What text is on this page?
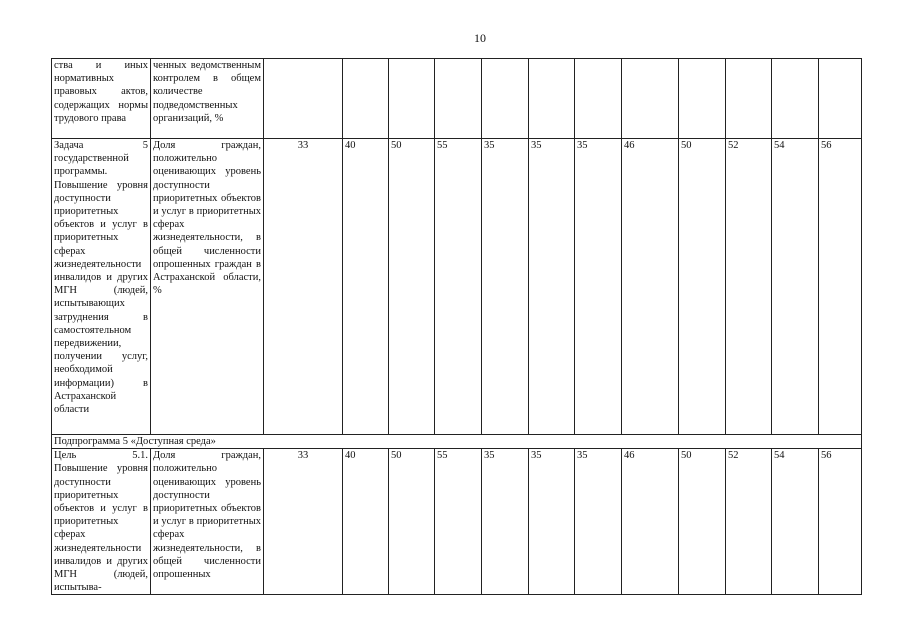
10
ства и иных нормативных правовых актов, содержащих нормы трудового права	ченных ведомственным контролем в общем количестве подведомственных организаций, %												
Задача 5 государственной программы. Повышение уровня доступности приоритетных объектов и услуг в приоритетных сферах жизнедеятельности инвалидов и других МГН (людей, испытывающих затруднения в самостоятельном передвижении, получении услуг, необходимой информации) в Астраханской области	Доля граждан, положительно оценивающих уровень доступности приоритетных объектов и услуг в приоритетных сферах жизнедеятельности, в общей численности опрошенных граждан в Астраханской области, %	33	40	50	55	35	35	35	46	50	52	54	56
Подпрограмма 5 «Доступная среда»													
Цель 5.1. Повышение уровня доступности приоритетных объектов и услуг в приоритетных сферах жизнедеятельности инвалидов и других МГН (людей, испытыва-	Доля граждан, положительно оценивающих уровень доступности приоритетных объектов и услуг в приоритетных сферах жизнедеятельности, в общей численности опрошенных	33	40	50	55	35	35	35	46	50	52	54	56
